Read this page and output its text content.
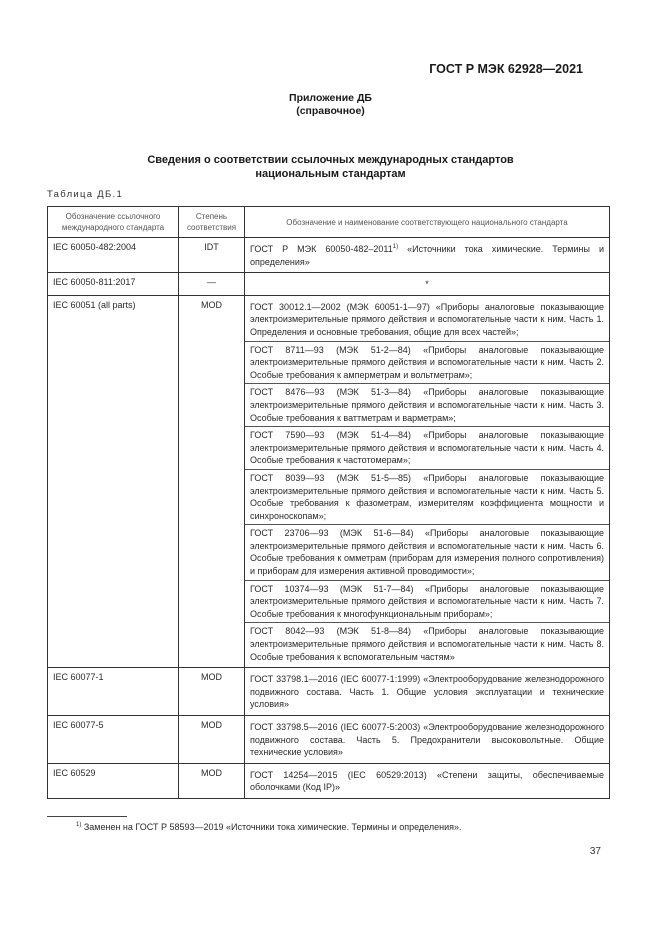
ГОСТ Р МЭК 62928—2021
Приложение ДБ
(справочное)
Сведения о соответствии ссылочных международных стандартов
национальным стандартам
Таблица ДБ.1
Обозначение ссылочного международного стандарта	Степень соответствия	Обозначение и наименование соответствующего национального стандарта
IEC 60050-482:2004	IDT	ГОСТ Р МЭК 60050-482–2011$^{1)}$ «Источники тока химические. Термины и определения»

IEC 60050-811:2017	—	*

IEC 60051 (all parts)	MOD	ГОСТ 30012.1—2002 (МЭК 60051-1—97) «Приборы аналоговые показывающие электроизмерительные прямого действия и вспомогательные части к ним. Часть 1. Определения и основные требования, общие для всех частей»;

ГОСТ 8711—93 (МЭК 51-2—84) «Приборы аналоговые показывающие электроизмерительные прямого действия и вспомогательные части к ним. Часть 2. Особые требования к амперметрам и вольтметрам»;

ГОСТ 8476—93 (МЭК 51-3—84) «Приборы аналоговые показывающие электроизмерительные прямого действия и вспомогательные части к ним. Часть 3. Особые требования к ваттметрам и варметрам»;

ГОСТ 7590—93 (МЭК 51-4—84) «Приборы аналоговые показывающие электроизмерительные прямого действия и вспомогательные части к ним. Часть 4. Особые требования к частотомерам»;

ГОСТ 8039—93 (МЭК 51-5—85) «Приборы аналоговые показывающие электроизмерительные прямого действия и вспомогательные части к ним. Часть 5. Особые требования к фазометрам, измерителям коэффициента мощности и синхроноскопам»;

ГОСТ 23706—93 (МЭК 51-6—84) «Приборы аналоговые показывающие электроизмерительные прямого действия и вспомогательные части к ним. Часть 6. Особые требования к омметрам (приборам для измерения полного сопротивления) и приборам для измерения активной проводимости»;

ГОСТ 10374—93 (МЭК 51-7—84) «Приборы аналоговые показывающие электроизмерительные прямого действия и вспомогательные части к ним. Часть 7. Особые требования к многофункциональным приборам»;

ГОСТ 8042—93 (МЭК 51-8—84) «Приборы аналоговые показывающие электроизмерительные прямого действия и вспомогательные части к ним. Часть 8. Особые требования к вспомогательным частям»

IEC 60077-1	MOD	ГОСТ 33798.1—2016 (IEC 60077-1:1999) «Электрооборудование железнодорожного подвижного состава. Часть 1. Общие условия эксплуатации и технические условия»

IEC 60077-5	MOD	ГОСТ 33798.5—2016 (IEC 60077-5:2003) «Электрооборудование железнодорожного подвижного состава. Часть 5. Предохранители высоковольтные. Общие технические условия»

IEC 60529	MOD	ГОСТ 14254—2015 (IEC 60529:2013) «Степени защиты, обеспечиваемые оболочками (Код IP)»

$^{1)}$ Заменен на ГОСТ Р 58593—2019 «Источники тока химические. Термины и определения».
37
